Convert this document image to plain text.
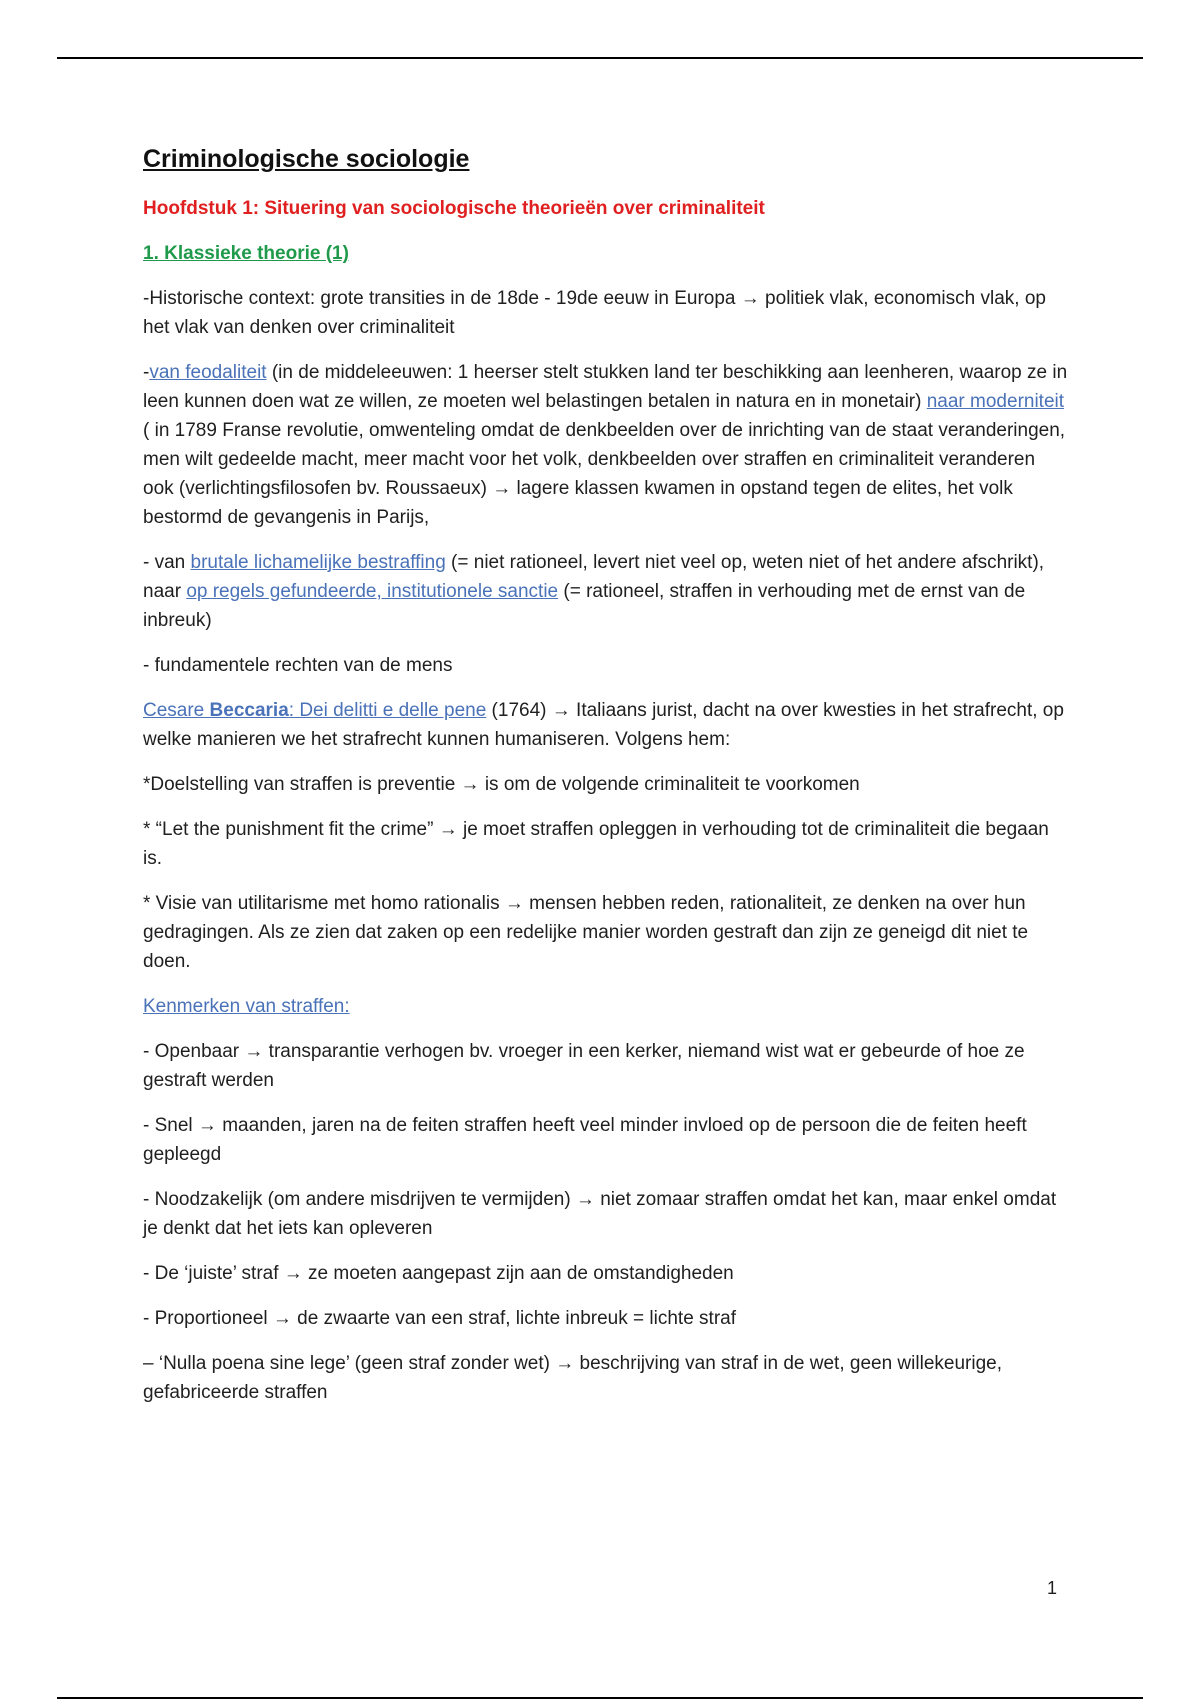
Criminologische sociologie
Hoofdstuk 1: Situering van sociologische theorieën over criminaliteit
1. Klassieke theorie (1)

-Historische context: grote transities in de 18de - 19de eeuw in Europa → politiek vlak, economisch vlak, op het vlak van denken over criminaliteit

-van feodaliteit (in de middeleeuwen: 1 heerser stelt stukken land ter beschikking aan leenheren, waarop ze in leen kunnen doen wat ze willen, ze moeten wel belastingen betalen in natura en in monetair) naar moderniteit ( in 1789 Franse revolutie, omwenteling omdat de denkbeelden over de inrichting van de staat veranderingen, men wilt gedeelde macht, meer macht voor het volk, denkbeelden over straffen en criminaliteit veranderen ook (verlichtingsfilosofen bv. Roussaeux) → lagere klassen kwamen in opstand tegen de elites, het volk bestormd de gevangenis in Parijs,

- van brutale lichamelijke bestraffing (= niet rationeel, levert niet veel op, weten niet of het andere afschrikt), naar op regels gefundeerde, institutionele sanctie (= rationeel, straffen in verhouding met de ernst van de inbreuk)

- fundamentele rechten van de mens

Cesare Beccaria: Dei delitti e delle pene (1764) → Italiaans jurist, dacht na over kwesties in het strafrecht, op welke manieren we het strafrecht kunnen humaniseren. Volgens hem:

*Doelstelling van straffen is preventie → is om de volgende criminaliteit te voorkomen

* “Let the punishment fit the crime” → je moet straffen opleggen in verhouding tot de criminaliteit die begaan is.

* Visie van utilitarisme met homo rationalis → mensen hebben reden, rationaliteit, ze denken na over hun gedragingen. Als ze zien dat zaken op een redelijke manier worden gestraft dan zijn ze geneigd dit niet te doen.

Kenmerken van straffen:

- Openbaar → transparantie verhogen bv. vroeger in een kerker, niemand wist wat er gebeurde of hoe ze gestraft werden

- Snel → maanden, jaren na de feiten straffen heeft veel minder invloed op de persoon die de feiten heeft gepleegd

- Noodzakelijk (om andere misdrijven te vermijden) → niet zomaar straffen omdat het kan, maar enkel omdat je denkt dat het iets kan opleveren

- De ‘juiste’ straf → ze moeten aangepast zijn aan de omstandigheden

- Proportioneel → de zwaarte van een straf, lichte inbreuk = lichte straf

– ‘Nulla poena sine lege’ (geen straf zonder wet) → beschrijving van straf in de wet, geen willekeurige, gefabriceerde straffen

1
